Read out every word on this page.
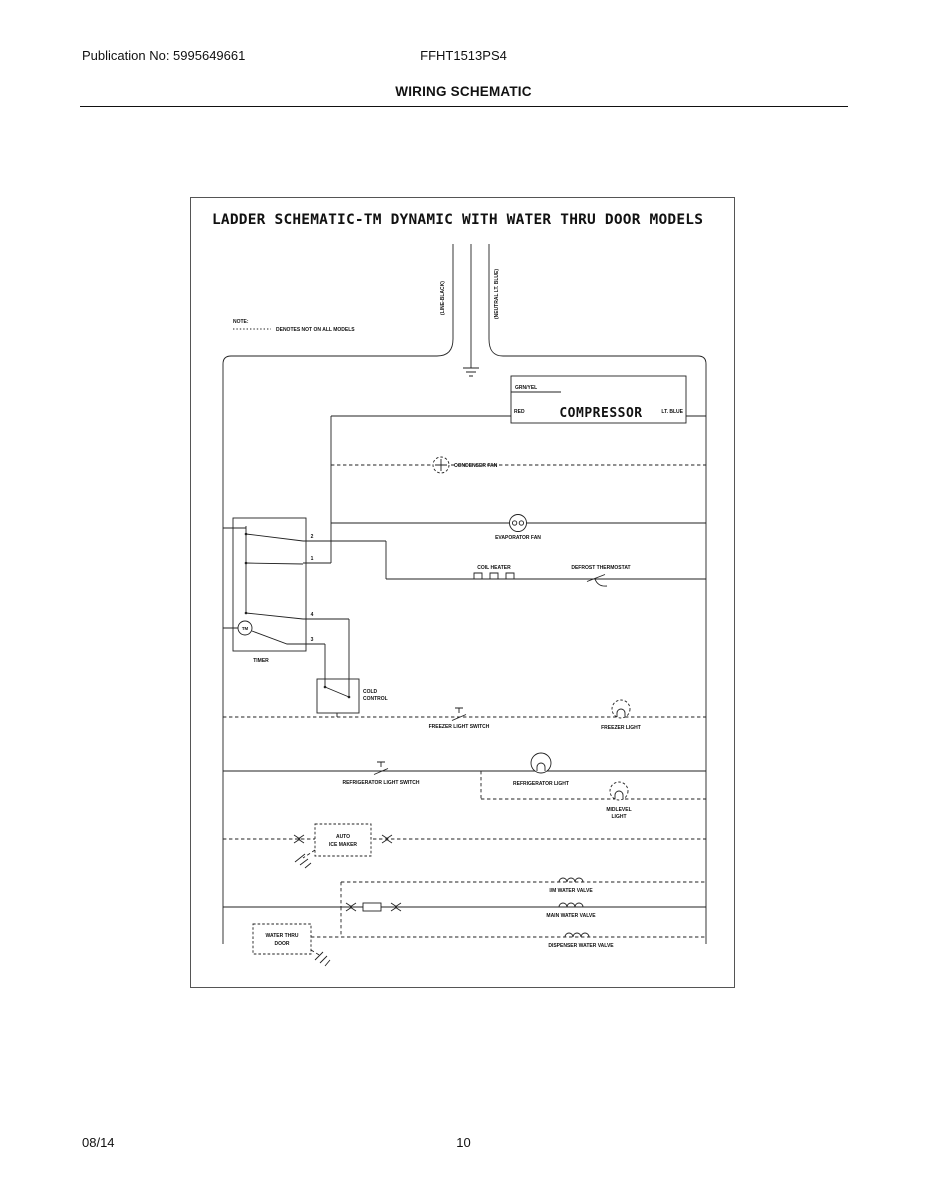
Publication No: 5995649661	FFHT1513PS4
WIRING SCHEMATIC
LADDER SCHEMATIC-TM DYNAMIC WITH WATER THRU DOOR MODELS
NOTE:
DENOTES NOT ON ALL MODELS
(LINE-BLACK)	(NEUTRAL LT. BLUE)
GRN/YEL
RED	LT. BLUE
COMPRESSOR
CONDENSER FAN
EVAPORATOR FAN
COIL HEATER	DEFROST THERMOSTAT
TM
2
1
4
3
TIMER
COLD
CONTROL
FREEZER LIGHT SWITCH	FREEZER LIGHT
REFRIGERATOR LIGHT SWITCH	REFRIGERATOR LIGHT
MIDLEVEL
LIGHT
AUTO
ICE MAKER
I/M WATER VALVE
MAIN WATER VALVE
DISPENSER WATER VALVE
WATER THRU
DOOR
08/14	10
